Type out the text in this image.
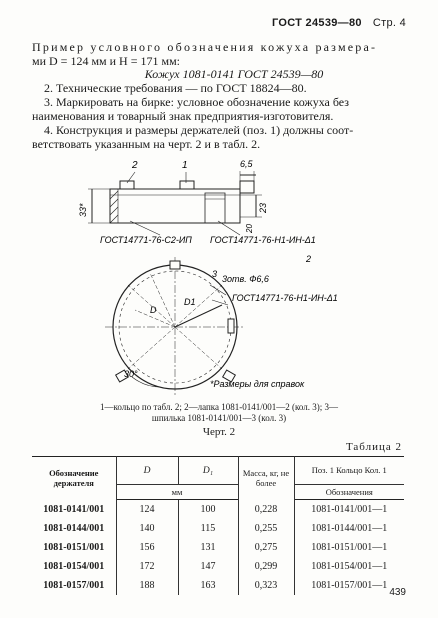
ГОСТ 24539—80 Стр. 4
Пример условного обозначения кожуха размера-
ми D = 124 мм и H = 171 мм:
Кожух 1081-0141 ГОСТ 24539—80
2. Технические требования — по ГОСТ 18824—80.
3. Маркировать на бирке: условное обозначение кожуха без
наименования и товарный знак предприятия-изготовителя.
4. Конструкция и размеры держателей (поз. 1) должны соот-
ветствовать указанным на черт. 2 и в табл. 2.
2	1	6,5
33*	23
20
ГОСТ14771-76-С2-ИП ГОСТ14771-76-Н1-ИН-Δ1
3 3отв. Ф6,6
2
ГОСТ14771-76-Н1-ИН-Δ1
D1
D
30°
*Размеры для справок
1—кольцо по табл. 2; 2—лапка 1081-0141/001—2 (кол. 3); 3—
шпилька 1081-0141/001—3 (кол. 3)
Черт. 2
Таблица 2
Обозначение держателя	D	D₁	Масса, кг, не более	Поз. 1 Кольцо Кол. 1
	мм			Обозначения
1081-0141/001	124	100	0,228	1081-0141/001—1
1081-0144/001	140	115	0,255	1081-0144/001—1
1081-0151/001	156	131	0,275	1081-0151/001—1
1081-0154/001	172	147	0,299	1081-0154/001—1
1081-0157/001	188	163	0,323	1081-0157/001—1
439
